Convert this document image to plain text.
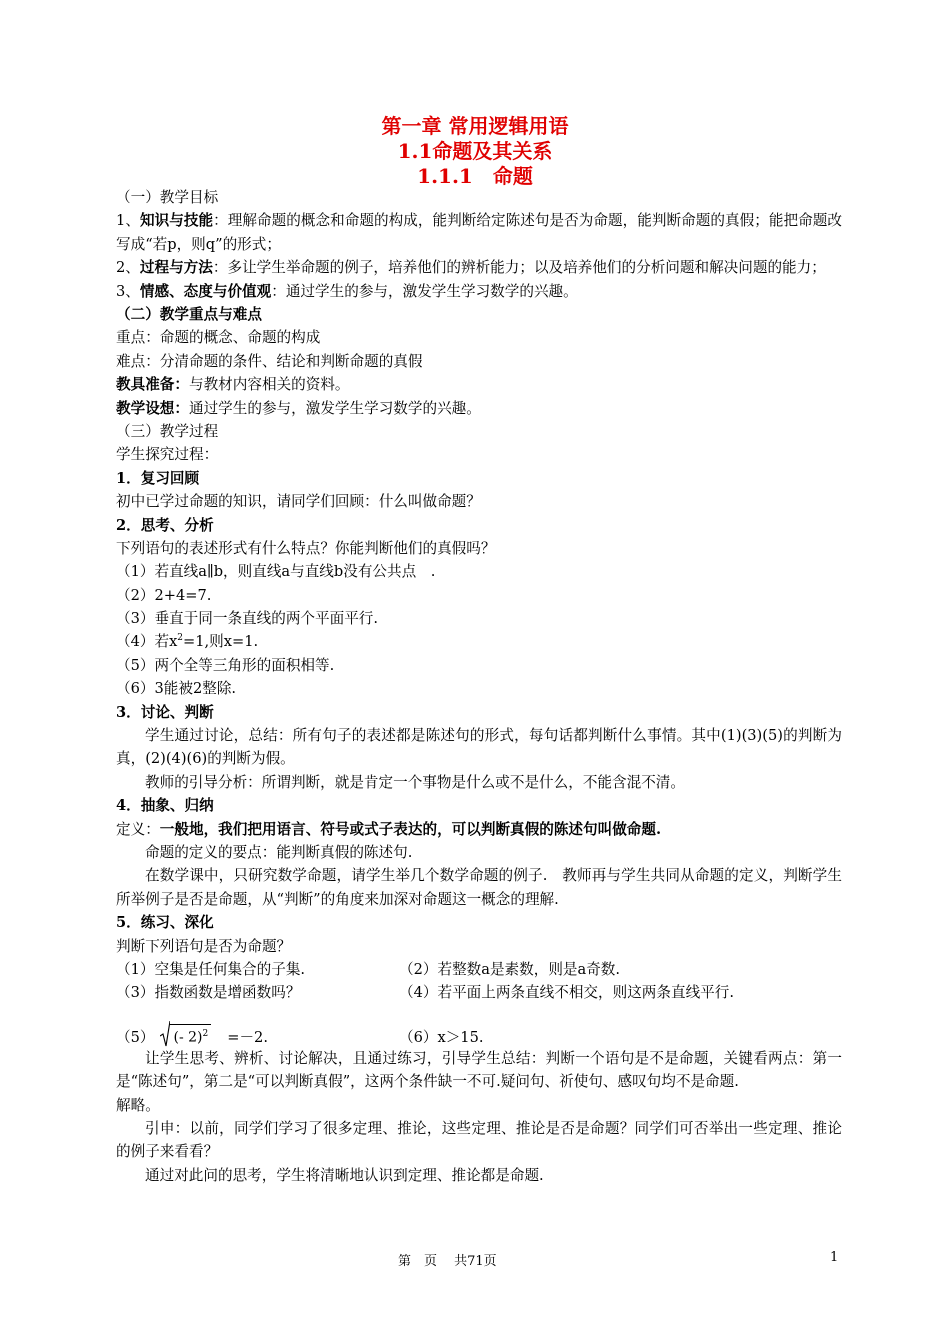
第一章 常用逻辑用语
1.1命题及其关系
1.1.1　命题
（一）教学目标
1、知识与技能：理解命题的概念和命题的构成，能判断给定陈述句是否为命题，能判断命题的真假；能把命题改写成“若p，则q”的形式；
2、过程与方法：多让学生举命题的例子，培养他们的辨析能力；以及培养他们的分析问题和解决问题的能力；
3、情感、态度与价值观：通过学生的参与，激发学生学习数学的兴趣。
（二）教学重点与难点
重点：命题的概念、命题的构成
难点：分清命题的条件、结论和判断命题的真假
教具准备：与教材内容相关的资料。
教学设想：通过学生的参与，激发学生学习数学的兴趣。
（三）教学过程
学生探究过程：
1．复习回顾
初中已学过命题的知识，请同学们回顾：什么叫做命题？
2．思考、分析
下列语句的表述形式有什么特点？你能判断他们的真假吗？
（1）若直线a∥b，则直线a与直线b没有公共点　.
（2）2+4=7.
（3）垂直于同一条直线的两个平面平行.
（4）若$x^2=1$,则x=1.
（5）两个全等三角形的面积相等.
（6）3能被2整除.
3．讨论、判断
学生通过讨论，总结：所有句子的表述都是陈述句的形式，每句话都判断什么事情。其中(1)(3)(5)的判断为真，(2)(4)(6)的判断为假。
教师的引导分析：所谓判断，就是肯定一个事物是什么或不是什么，不能含混不清。
4．抽象、归纳
定义：一般地，我们把用语言、符号或式子表达的，可以判断真假的陈述句叫做命题.
命题的定义的要点：能判断真假的陈述句.
在数学课中，只研究数学命题，请学生举几个数学命题的例子.　教师再与学生共同从命题的定义，判断学生所举例子是否是命题，从“判断”的角度来加深对命题这一概念的理解.
5．练习、深化
判断下列语句是否为命题？
（1）空集是任何集合的子集.	（2）若整数a是素数，则是a奇数.
（3）指数函数是增函数吗？	（4）若平面上两条直线不相交，则这两条直线平行.
（5） (- 2)$^2$ =－2.	（6）x＞15.
让学生思考、辨析、讨论解决，且通过练习，引导学生总结：判断一个语句是不是命题，关键看两点：第一是“陈述句”，第二是“可以判断真假”，这两个条件缺一不可.疑问句、祈使句、感叹句均不是命题.
解略。
引申：以前，同学们学习了很多定理、推论，这些定理、推论是否是命题？同学们可否举出一些定理、推论的例子来看看？
通过对此问的思考，学生将清晰地认识到定理、推论都是命题.
第　页　 共71页	1
